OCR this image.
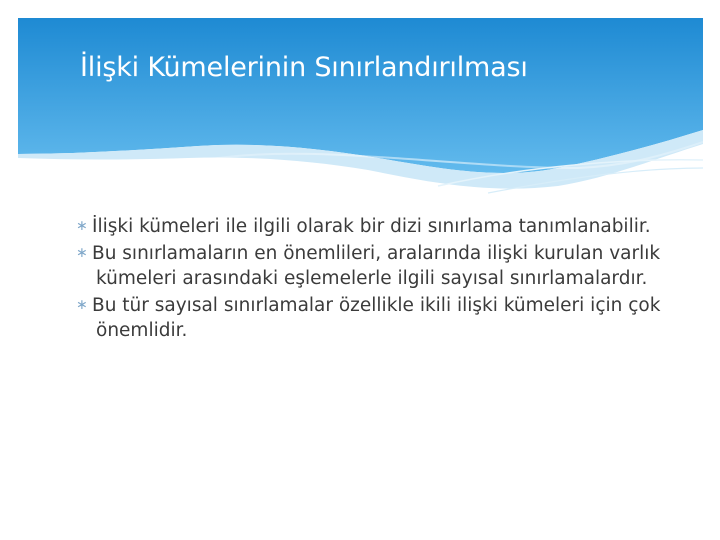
İlişki Kümelerinin Sınırlandırılması
∗ İlişki kümeleri ile ilgili olarak bir dizi sınırlama tanımlanabilir.
∗ Bu sınırlamaların en önemlileri, aralarında ilişki kurulan varlık kümeleri arasındaki eşlemelerle ilgili sayısal sınırlamalardır.
∗ Bu tür sayısal sınırlamalar özellikle ikili ilişki kümeleri için çok önemlidir.
